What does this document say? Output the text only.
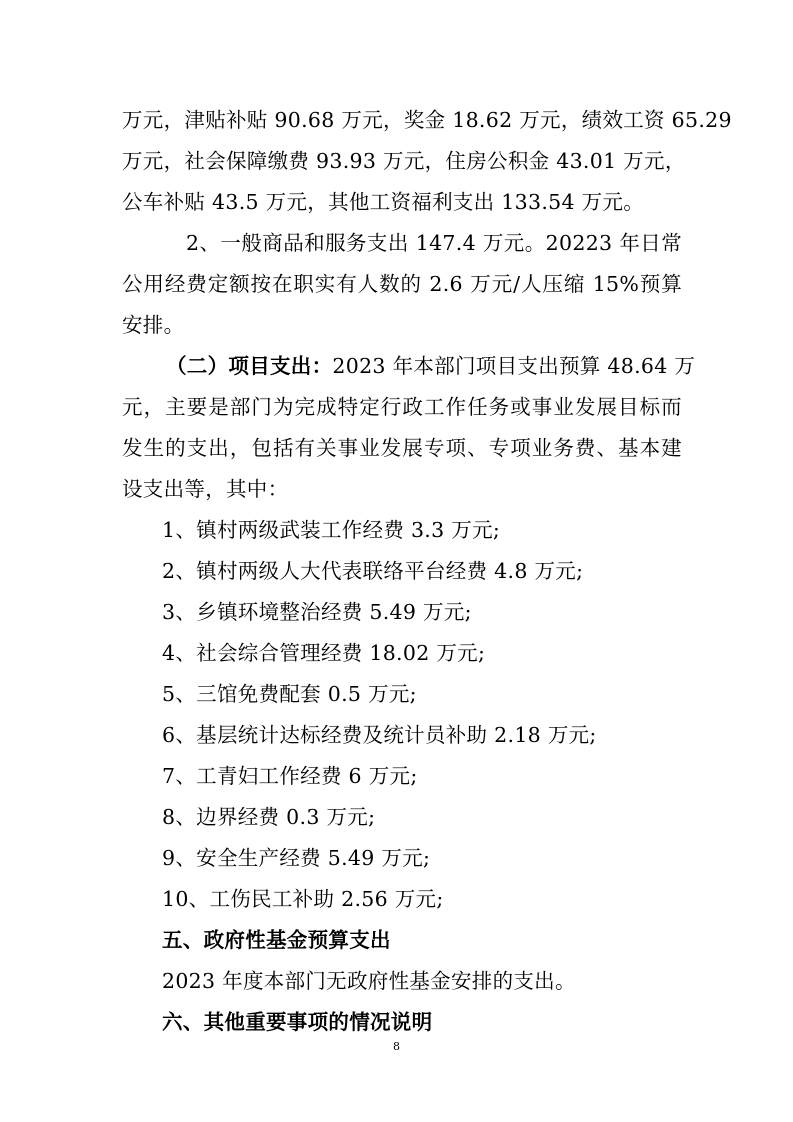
万元，津贴补贴 90.68 万元，奖金 18.62 万元，绩效工资 65.29
万元，社会保障缴费 93.93 万元，住房公积金 43.01 万元，
公车补贴 43.5 万元，其他工资福利支出 133.54 万元。
2、一般商品和服务支出 147.4 万元。20223 年日常
公用经费定额按在职实有人数的 2.6 万元/人压缩 15%预算
安排。
（二）项目支出： 2023 年本部门项目支出预算 48.64 万
元，主要是部门为完成特定行政工作任务或事业发展目标而
发生的支出，包括有关事业发展专项、专项业务费、基本建
设支出等，其中：
1、镇村两级武装工作经费 3.3 万元;
2、镇村两级人大代表联络平台经费 4.8 万元;
3、乡镇环境整治经费 5.49 万元;
4、社会综合管理经费 18.02 万元;
5、三馆免费配套 0.5 万元;
6、基层统计达标经费及统计员补助 2.18 万元;
7、工青妇工作经费 6 万元;
8、边界经费 0.3 万元;
9、安全生产经费 5.49 万元;
10、工伤民工补助 2.56 万元;
五、政府性基金预算支出
2023 年度本部门无政府性基金安排的支出。
六、其他重要事项的情况说明
8
